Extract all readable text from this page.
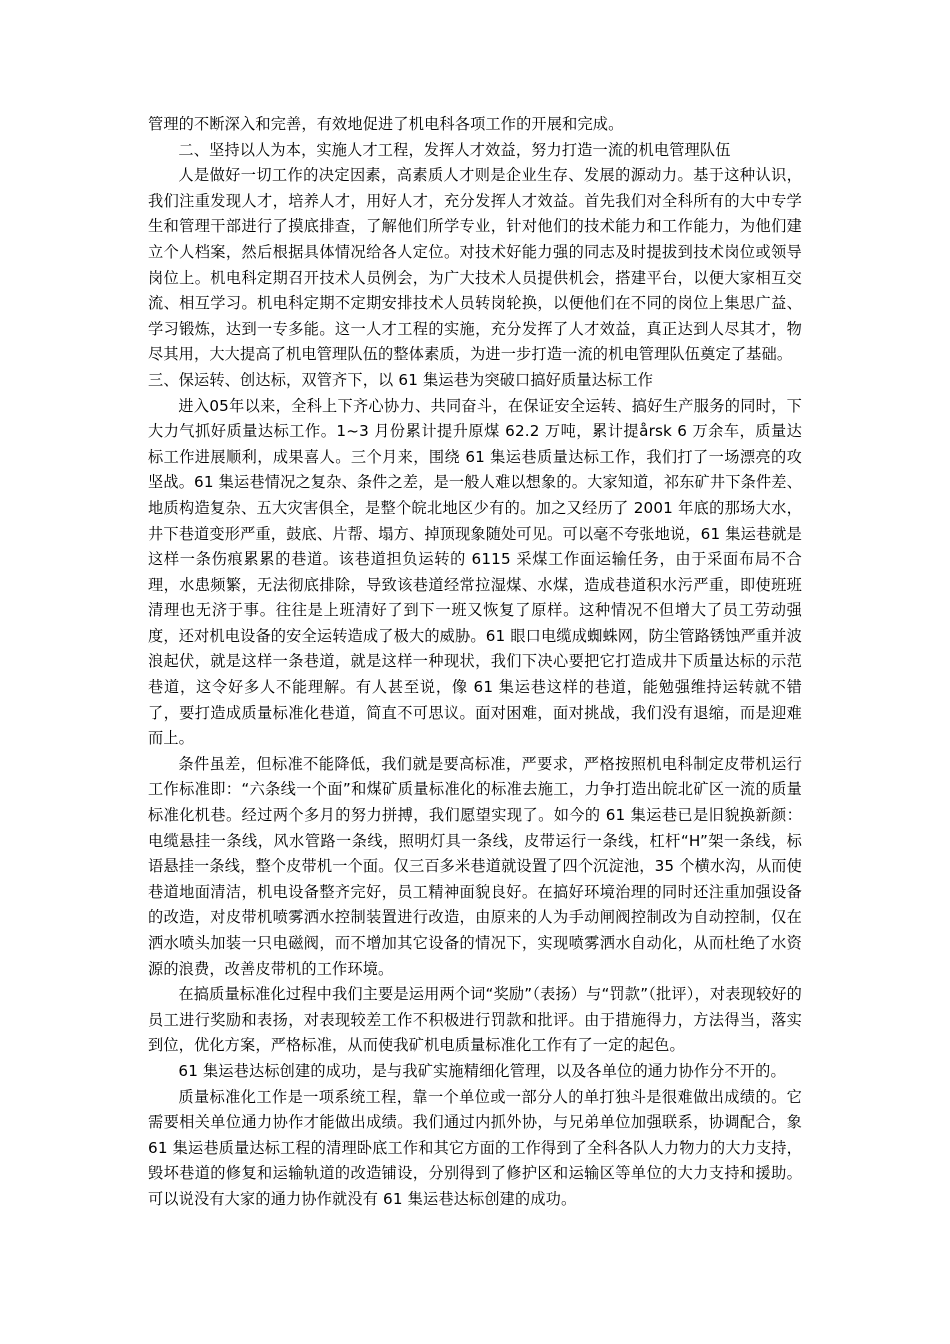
管理的不断深入和完善，有效地促进了机电科各项工作的开展和完成。

二、坚持以人为本，实施人才工程，发挥人才效益，努力打造一流的机电管理队伍

人是做好一切工作的决定因素，高素质人才则是企业生存、发展的源动力。基于这种认识，我们注重发现人才，培养人才，用好人才，充分发挥人才效益。首先我们对全科所有的大中专学生和管理干部进行了摸底排查，了解他们所学专业，针对他们的技术能力和工作能力，为他们建立个人档案，然后根据具体情况给各人定位。对技术好能力强的同志及时提拔到技术岗位或领导岗位上。机电科定期召开技术人员例会，为广大技术人员提供机会，搭建平台，以便大家相互交流、相互学习。机电科定期不定期安排技术人员转岗轮换，以便他们在不同的岗位上集思广益、学习锻炼，达到一专多能。这一人才工程的实施，充分发挥了人才效益，真正达到人尽其才，物尽其用，大大提高了机电管理队伍的整体素质，为进一步打造一流的机电管理队伍奠定了基础。

三、保运转、创达标，双管齐下，以 61 集运巷为突破口搞好质量达标工作

进入05年以来，全科上下齐心协力、共同奋斗，在保证安全运转、搞好生产服务的同时，下大力气抓好质量达标工作。1~3 月份累计提升原煤 62.2 万吨，累计提årsk 6 万余车，质量达标工作进展顺利，成果喜人。三个月来，围绕 61 集运巷质量达标工作，我们打了一场漂亮的攻坚战。61 集运巷情况之复杂、条件之差，是一般人难以想象的。大家知道，祁东矿井下条件差、地质构造复杂、五大灾害俱全，是整个皖北地区少有的。加之又经历了 2001 年底的那场大水，井下巷道变形严重，鼓底、片帮、塌方、掉顶现象随处可见。可以毫不夸张地说，61 集运巷就是这样一条伤痕累累的巷道。该巷道担负运转的 6115 采煤工作面运输任务，由于采面布局不合理，水患频繁，无法彻底排除，导致该巷道经常拉湿煤、水煤，造成巷道积水污严重，即使班班清理也无济于事。往往是上班清好了到下一班又恢复了原样。这种情况不但增大了员工劳动强度，还对机电设备的安全运转造成了极大的威胁。61 眼口电缆成蜘蛛网，防尘管路锈蚀严重并波浪起伏，就是这样一条巷道，就是这样一种现状，我们下决心要把它打造成井下质量达标的示范巷道，这令好多人不能理解。有人甚至说，像 61 集运巷这样的巷道，能勉强维持运转就不错了，要打造成质量标准化巷道，简直不可思议。面对困难，面对挑战，我们没有退缩，而是迎难而上。

条件虽差，但标准不能降低，我们就是要高标准，严要求，严格按照机电科制定皮带机运行工作标准即：“六条线一个面”和煤矿质量标准化的标准去施工，力争打造出皖北矿区一流的质量标准化机巷。经过两个多月的努力拼搏，我们愿望实现了。如今的 61 集运巷已是旧貌换新颜：电缆悬挂一条线，风水管路一条线，照明灯具一条线，皮带运行一条线，杠杆“H”架一条线，标语悬挂一条线，整个皮带机一个面。仅三百多米巷道就设置了四个沉淀池，35 个横水沟，从而使巷道地面清洁，机电设备整齐完好，员工精神面貌良好。在搞好环境治理的同时还注重加强设备的改造，对皮带机喷雾洒水控制装置进行改造，由原来的人为手动闸阀控制改为自动控制，仅在洒水喷头加装一只电磁阀，而不增加其它设备的情况下，实现喷雾洒水自动化，从而杜绝了水资源的浪费，改善皮带机的工作环境。

在搞质量标准化过程中我们主要是运用两个词“奖励”（表扬）与“罚款”（批评），对表现较好的员工进行奖励和表扬，对表现较差工作不积极进行罚款和批评。由于措施得力，方法得当，落实到位，优化方案，严格标准，从而使我矿机电质量标准化工作有了一定的起色。

61 集运巷达标创建的成功，是与我矿实施精细化管理，以及各单位的通力协作分不开的。

质量标准化工作是一项系统工程，靠一个单位或一部分人的单打独斗是很难做出成绩的。它需要相关单位通力协作才能做出成绩。我们通过内抓外协，与兄弟单位加强联系，协调配合，象 61 集运巷质量达标工程的清理卧底工作和其它方面的工作得到了全科各队人力物力的大力支持，毁坏巷道的修复和运输轨道的改造铺设，分别得到了修护区和运输区等单位的大力支持和援助。可以说没有大家的通力协作就没有 61 集运巷达标创建的成功。
